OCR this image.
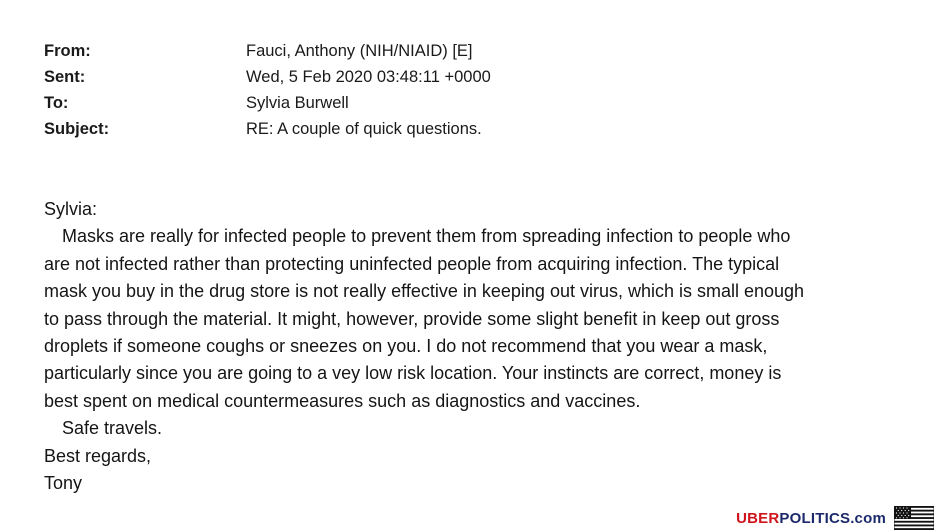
From:	Fauci, Anthony (NIH/NIAID) [E]
Sent:	Wed, 5 Feb 2020 03:48:11 +0000
To:	Sylvia Burwell
Subject:	RE: A couple of quick questions.

Sylvia:

Masks are really for infected people to prevent them from spreading infection to people who
are not infected rather than protecting uninfected people from acquiring infection. The typical
mask you buy in the drug store is not really effective in keeping out virus, which is small enough
to pass through the material. It might, however, provide some slight benefit in keep out gross
droplets if someone coughs or sneezes on you. I do not recommend that you wear a mask,
particularly since you are going to a vey low risk location. Your instincts are correct, money is
best spent on medical countermeasures such as diagnostics and vaccines.

Safe travels.

Best regards,

Tony

UBERPOLITICS.com
